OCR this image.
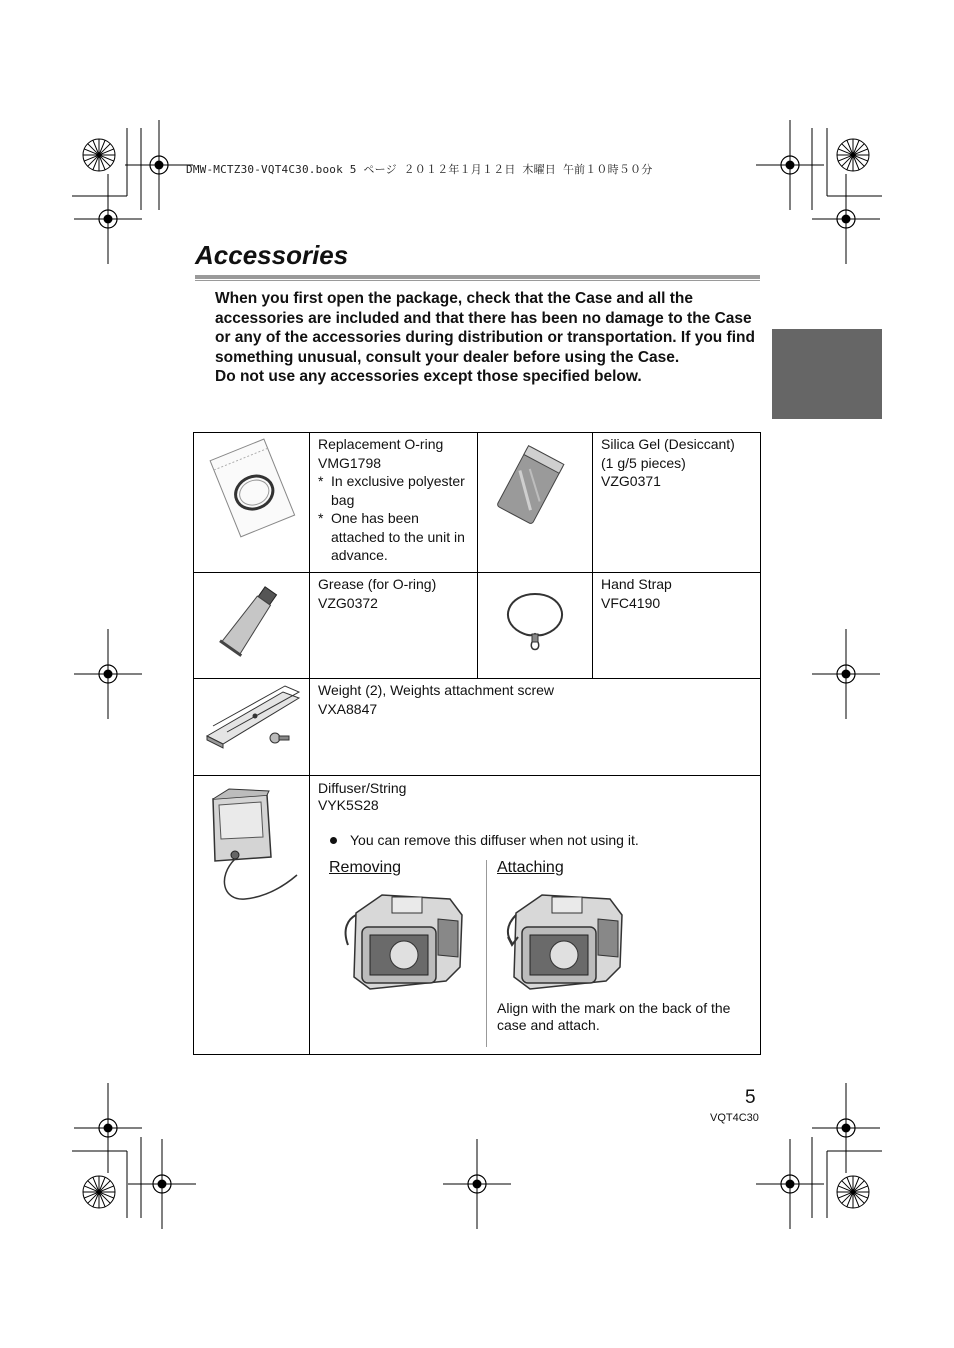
DMW-MCTZ30-VQT4C30.book 5 ページ ２０１２年１月１２日 木曜日 午前１０時５０分
Accessories

When you first open the package, check that the Case and all the accessories are included and that there has been no damage to the Case or any of the accessories during distribution or transportation. If you find something unusual, consult your dealer before using the Case.

Do not use any accessories except those specified below.

Replacement O-ring
VMG1798
* In exclusive polyester bag
* One has been attached to the unit in advance.
Silica Gel (Desiccant)
(1 g/5 pieces)
VZG0371
Grease (for O-ring)
VZG0372
Hand Strap
VFC4190
Weight (2), Weights attachment screw
VXA8847
Diffuser/String
VYK5S28
You can remove this diffuser when not using it.
Removing	Attaching
Align with the mark on the back of the case and attach.
5
VQT4C30
